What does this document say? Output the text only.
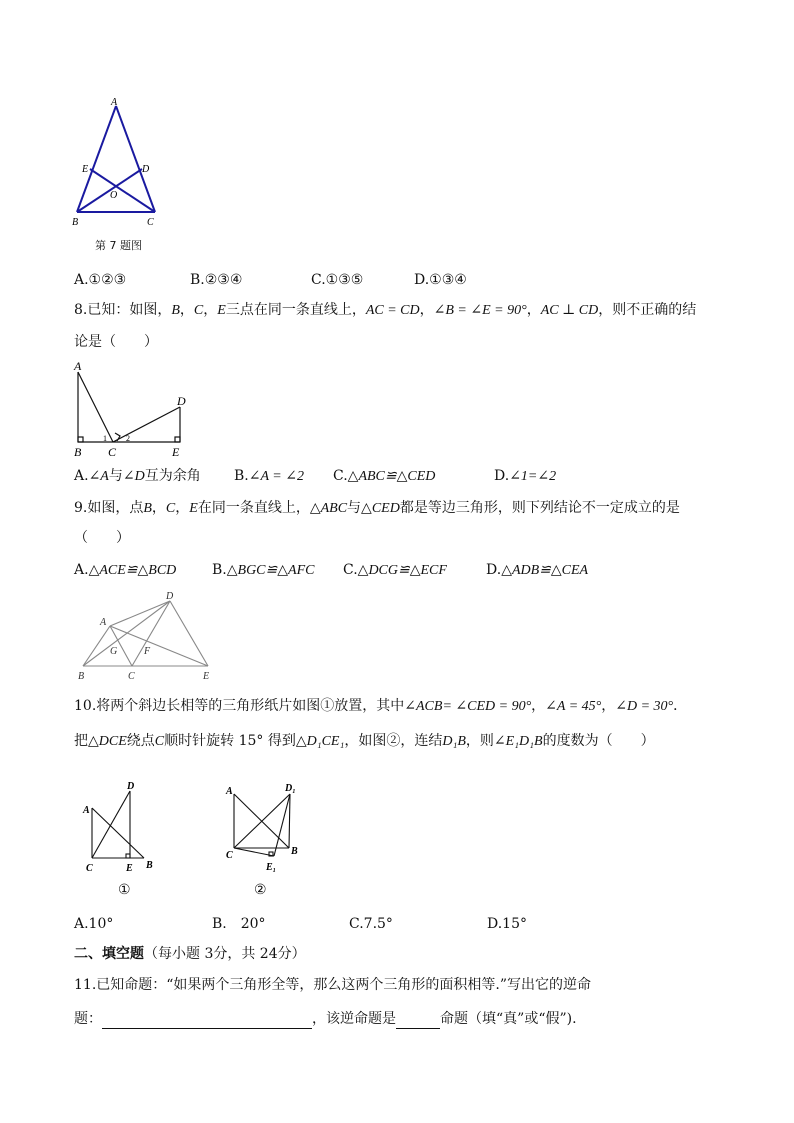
A
E	D
O
B	C
第 7 题图
A.①②③	B.②③④	C.①③⑤	D.①③④
8.已知：如图，B，C，E三点在同一条直线上，AC = CD，∠B = ∠E = 90°，AC ⊥ CD，则不正确的结
论是（　　）
A
B C
D
E
1 2
A.∠A与∠D互为余角 B.∠A = ∠2 C.△ABC≌△CED	D.∠1=∠2
9.如图，点B，C，E在同一条直线上，△ABC与△CED都是等边三角形，则下列结论不一定成立的是
（　　）
A.△ACE≌△BCD	B.△BGC≌△AFC C.△DCG≌△ECF	D.△ADB≌△CEA
A
D
G	F
B	C	E
10.将两个斜边长相等的三角形纸片如图①放置，其中∠ACB= ∠CED = 90°，∠A = 45°，∠D = 30°．
把△DCE绕点C顺时针旋转 15° 得到△D₁CE₁，如图②，连结D₁B，则∠E₁D₁B的度数为（　　）
A
D
C	E B
①
A	D₁
C	B
E₁
②
A.10°	B.　20°	C.7.5°	D.15°
二、填空题（每小题 3分，共 24分）
11.已知命题：“如果两个三角形全等，那么这两个三角形的面积相等.”写出它的逆命
题：	，该逆命题是	命题（填“真”或“假”).
